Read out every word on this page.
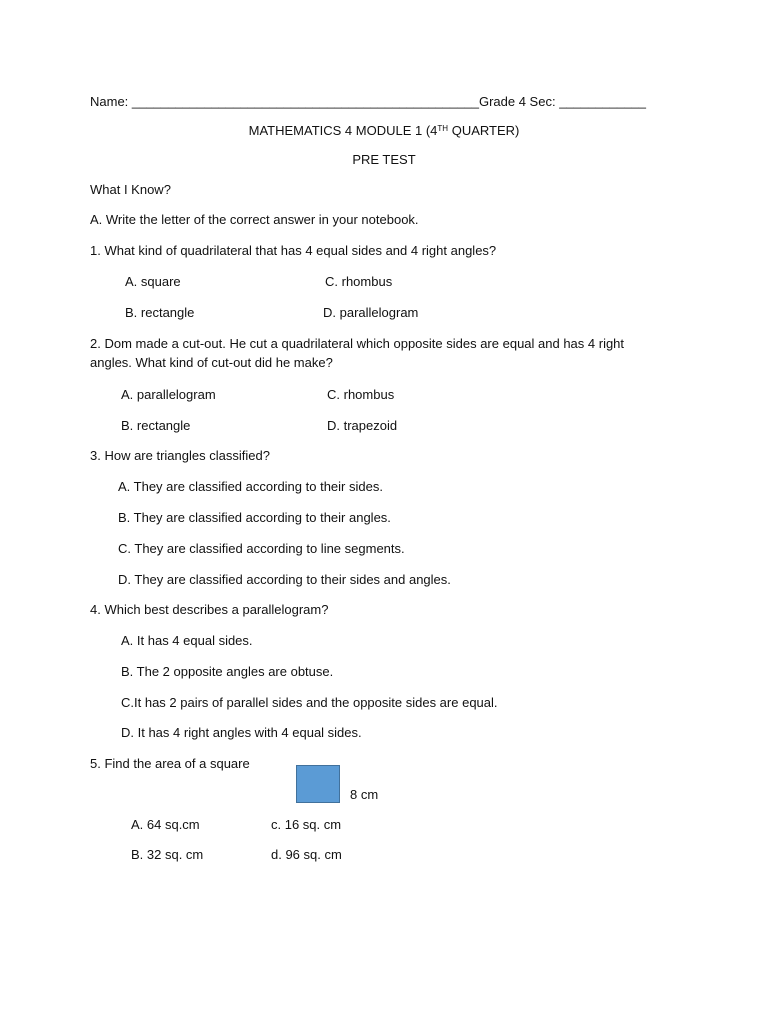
Name: ________________________________________________Grade 4 Sec: ____________
MATHEMATICS 4 MODULE 1 (4TH QUARTER)
PRE TEST
What I Know?
A. Write the letter of the correct answer in your notebook.
1. What kind of quadrilateral that has 4 equal sides and 4 right angles?
A. square	C. rhombus
B. rectangle	D. parallelogram
2. Dom made a cut-out. He cut a quadrilateral which opposite sides are equal and has 4 right
angles. What kind of cut-out did he make?
A. parallelogram	C. rhombus
B. rectangle	D. trapezoid
3. How are triangles classified?
A. They are classified according to their sides.
B. They are classified according to their angles.
C. They are classified according to line segments.
D. They are classified according to their sides and angles.
4. Which best describes a parallelogram?
A. It has 4 equal sides.
B. The 2 opposite angles are obtuse.
C.It has 2 pairs of parallel sides and the opposite sides are equal.
D. It has 4 right angles with 4 equal sides.
5. Find the area of a square
8 cm
A. 64 sq.cm	c. 16 sq. cm
B. 32 sq. cm	d. 96 sq. cm
